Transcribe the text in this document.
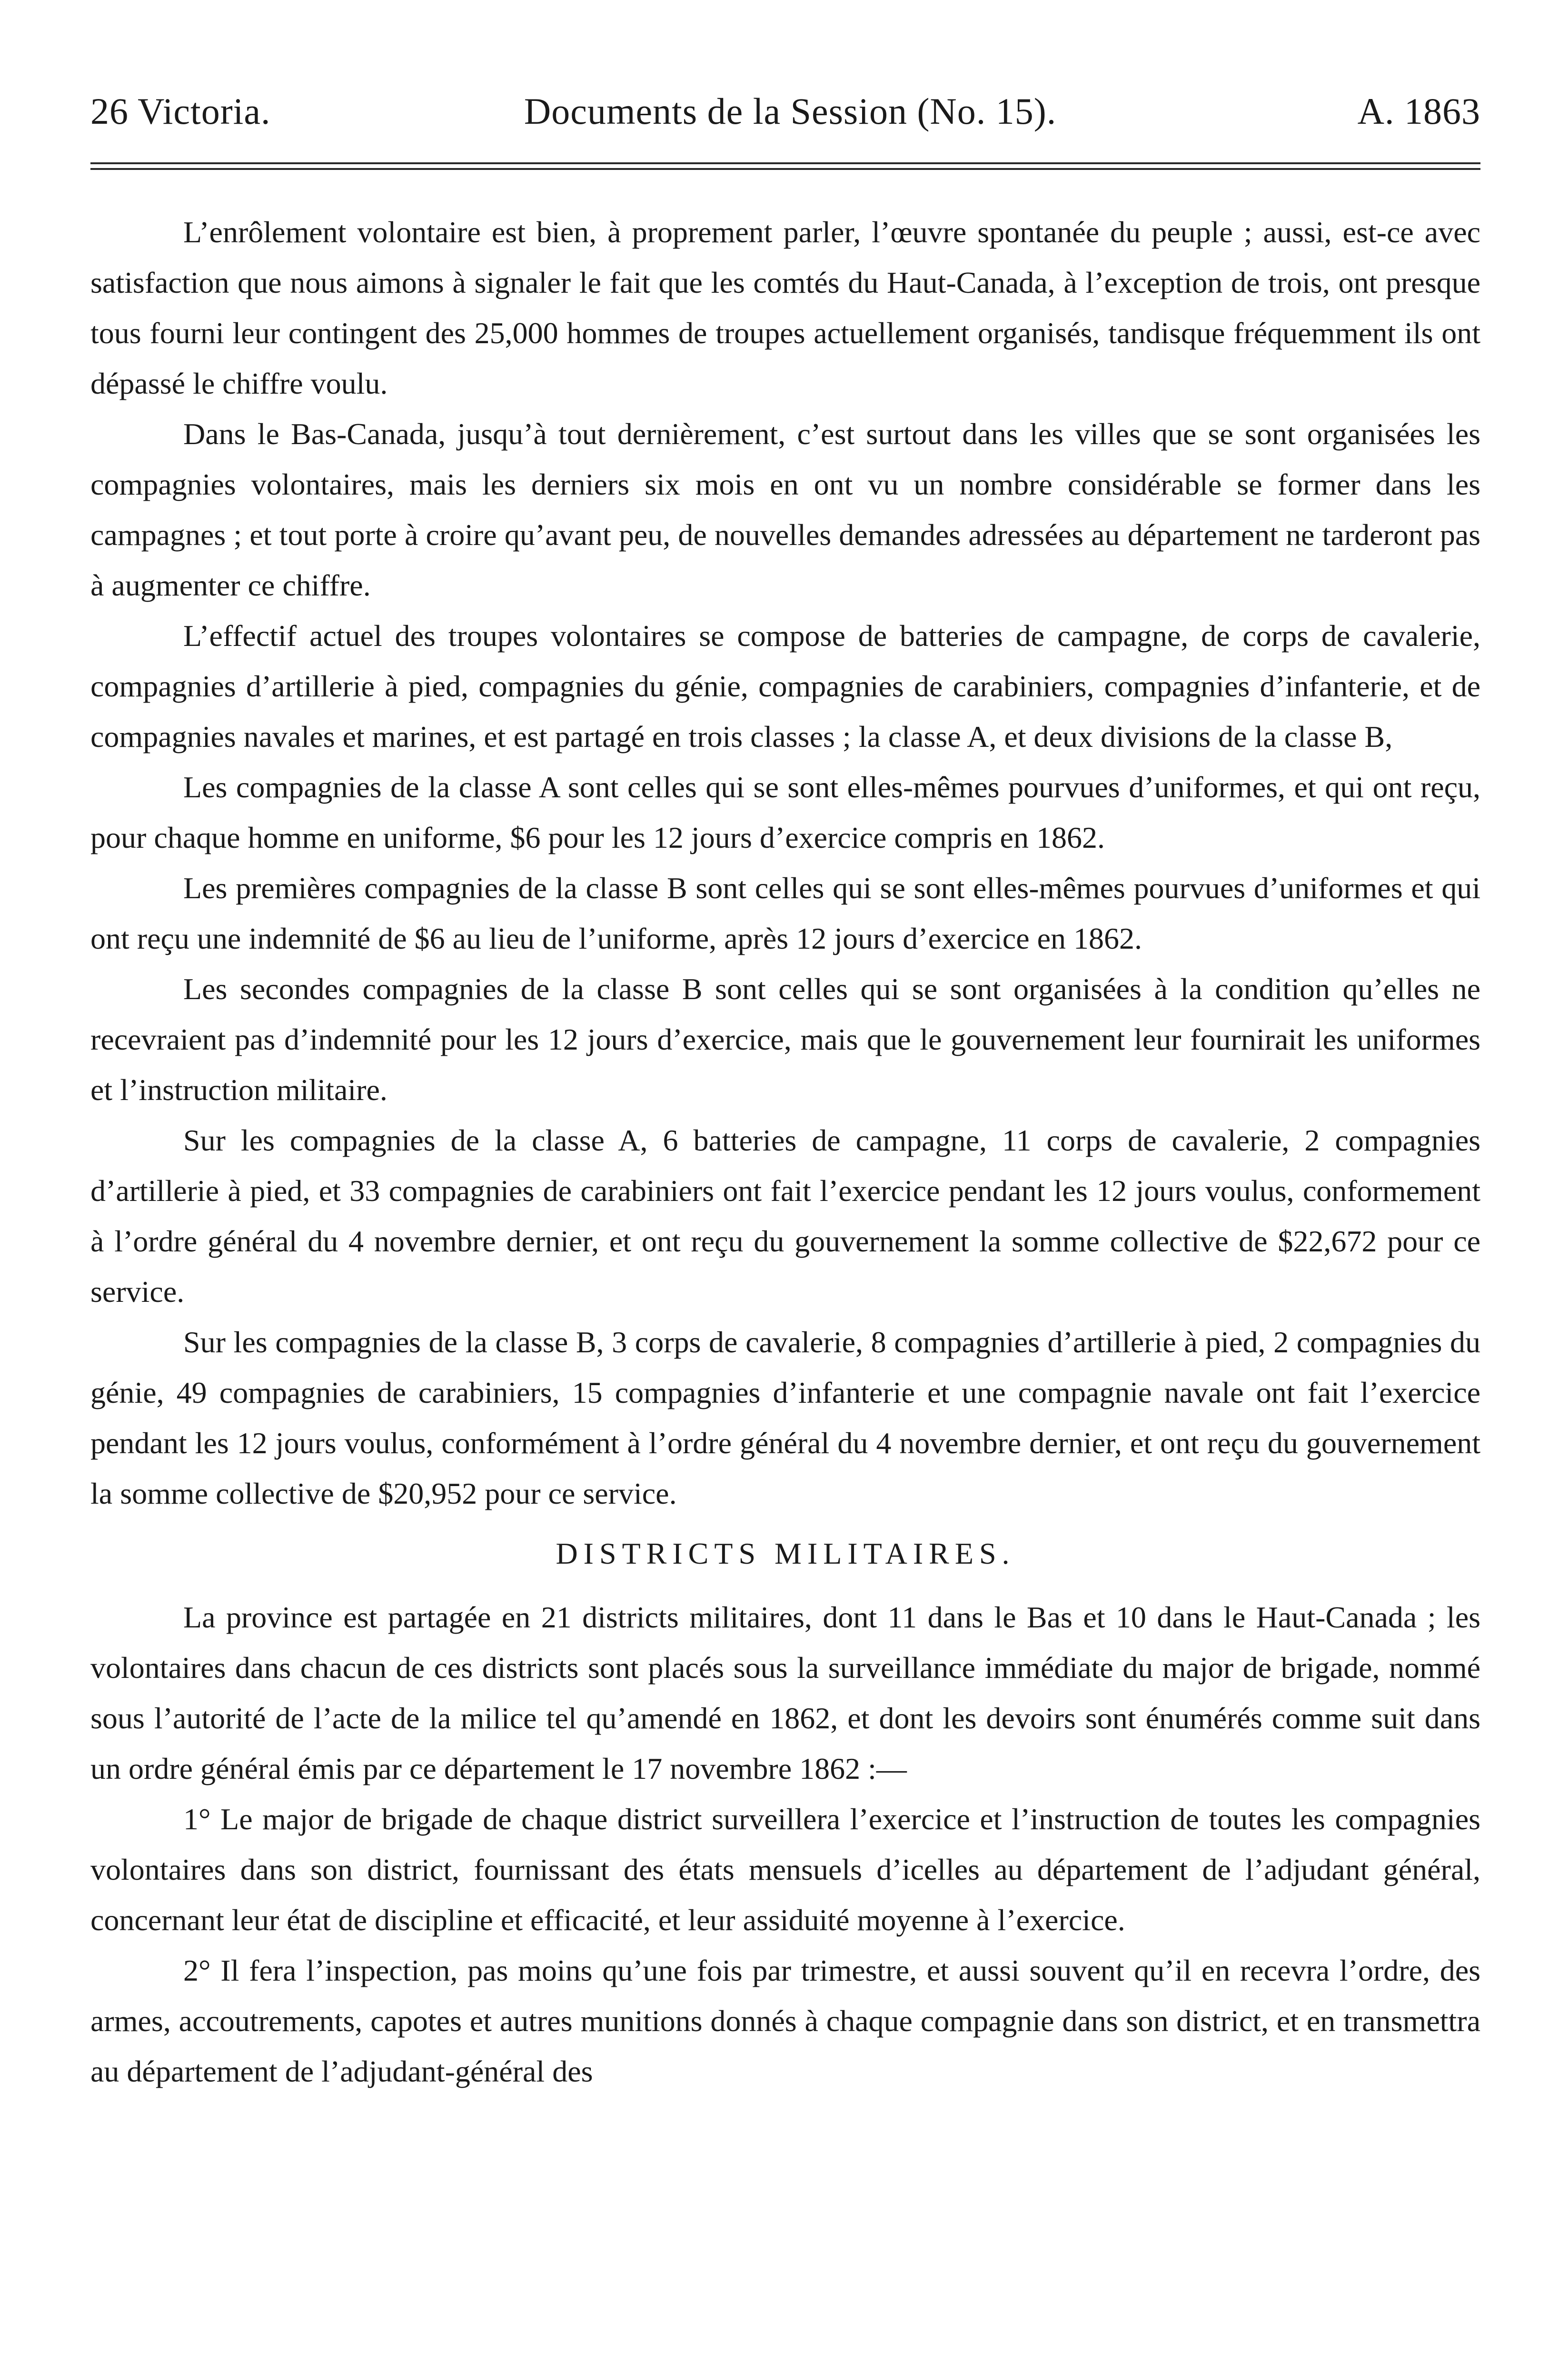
26 Victoria.	Documents de la Session (No. 15).	A. 1863

L’enrôlement volontaire est bien, à proprement parler, l’œuvre spontanée du peuple ; aussi, est-ce avec satisfaction que nous aimons à signaler le fait que les comtés du Haut-Canada, à l’exception de trois, ont presque tous fourni leur contingent des 25,000 hommes de troupes actuellement organisés, tandisque fréquemment ils ont dépassé le chiffre voulu.

Dans le Bas-Canada, jusqu’à tout dernièrement, c’est surtout dans les villes que se sont organisées les compagnies volontaires, mais les derniers six mois en ont vu un nombre considérable se former dans les campagnes ; et tout porte à croire qu’avant peu, de nouvelles demandes adressées au département ne tarderont pas à augmenter ce chiffre.

L’effectif actuel des troupes volontaires se compose de batteries de campagne, de corps de cavalerie, compagnies d’artillerie à pied, compagnies du génie, compagnies de carabiniers, compagnies d’infanterie, et de compagnies navales et marines, et est partagé en trois classes ; la classe A, et deux divisions de la classe B,

Les compagnies de la classe A sont celles qui se sont elles-mêmes pourvues d’uniformes, et qui ont reçu, pour chaque homme en uniforme, $6 pour les 12 jours d’exercice compris en 1862.

Les premières compagnies de la classe B sont celles qui se sont elles-mêmes pourvues d’uniformes et qui ont reçu une indemnité de $6 au lieu de l’uniforme, après 12 jours d’exercice en 1862.

Les secondes compagnies de la classe B sont celles qui se sont organisées à la condition qu’elles ne recevraient pas d’indemnité pour les 12 jours d’exercice, mais que le gouvernement leur fournirait les uniformes et l’instruction militaire.

Sur les compagnies de la classe A, 6 batteries de campagne, 11 corps de cavalerie, 2 compagnies d’artillerie à pied, et 33 compagnies de carabiniers ont fait l’exercice pendant les 12 jours voulus, conformement à l’ordre général du 4 novembre dernier, et ont reçu du gouvernement la somme collective de $22,672 pour ce service.

Sur les compagnies de la classe B, 3 corps de cavalerie, 8 compagnies d’artillerie à pied, 2 compagnies du génie, 49 compagnies de carabiniers, 15 compagnies d’infanterie et une compagnie navale ont fait l’exercice pendant les 12 jours voulus, conformément à l’ordre général du 4 novembre dernier, et ont reçu du gouvernement la somme collective de $20,952 pour ce service.

DISTRICTS MILITAIRES.

La province est partagée en 21 districts militaires, dont 11 dans le Bas et 10 dans le Haut-Canada ; les volontaires dans chacun de ces districts sont placés sous la surveillance immédiate du major de brigade, nommé sous l’autorité de l’acte de la milice tel qu’amendé en 1862, et dont les devoirs sont énumérés comme suit dans un ordre général émis par ce département le 17 novembre 1862 :—

1° Le major de brigade de chaque district surveillera l’exercice et l’instruction de toutes les compagnies volontaires dans son district, fournissant des états mensuels d’icelles au département de l’adjudant général, concernant leur état de discipline et efficacité, et leur assiduité moyenne à l’exercice.

2° Il fera l’inspection, pas moins qu’une fois par trimestre, et aussi souvent qu’il en recevra l’ordre, des armes, accoutrements, capotes et autres munitions donnés à chaque compagnie dans son district, et en transmettra au département de l’adjudant-général des
